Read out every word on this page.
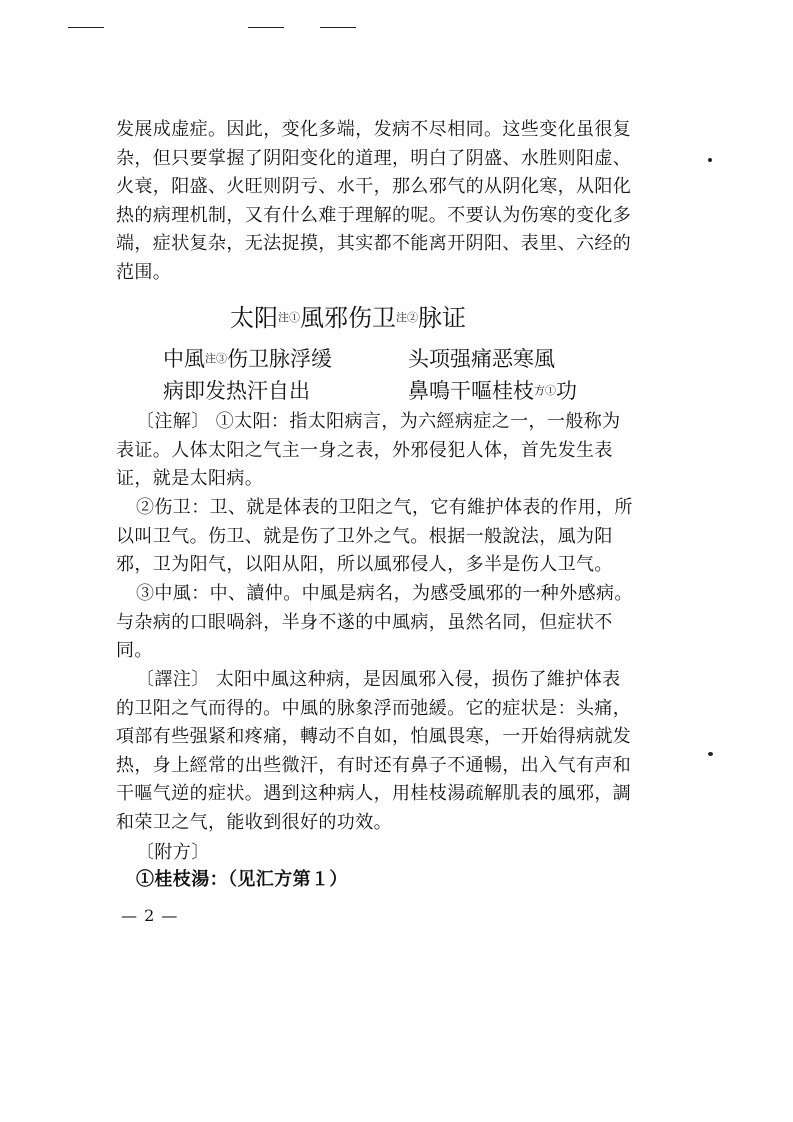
发展成虚症。因此，变化多端，发病不尽相同。这些变化虽很复杂，但只要掌握了阴阳变化的道理，明白了阴盛、水胜则阳虚、火衰，阳盛、火旺则阴亏、水干，那么邪气的从阴化寒，从阳化热的病理机制，又有什么难于理解的呢。不要认为伤寒的变化多端，症状复杂，无法捉摸，其实都不能离开阴阳、表里、六经的范围。
太阳$^{注①}$風邪伤卫$^{注②}$脉证
中風$^{注③}$伤卫脉浮缓	头项强痛恶寒風
病即发热汗自出	鼻鳴干嘔桂枝$^{方①}$功
〔注解〕 ①太阳：指太阳病言，为六經病症之一，一般称为表证。人体太阳之气主一身之表，外邪侵犯人体，首先发生表证，就是太阳病。
②伤卫：卫、就是体表的卫阳之气，它有維护体表的作用，所以叫卫气。伤卫、就是伤了卫外之气。根据一般說法，風为阳邪，卫为阳气，以阳从阳，所以風邪侵人，多半是伤人卫气。
③中風：中、讀仲。中風是病名，为感受風邪的一种外感病。与杂病的口眼喎斜，半身不遂的中風病，虽然名同，但症状不同。
〔譯注〕 太阳中風这种病，是因風邪入侵，损伤了維护体表的卫阳之气而得的。中風的脉象浮而弛緩。它的症状是：头痛，項部有些强紧和疼痛，轉动不自如，怕風畏寒，一开始得病就发热，身上經常的出些微汗，有时还有鼻子不通暢，出入气有声和干嘔气逆的症状。遇到这种病人，用桂枝湯疏解肌表的風邪，調和荣卫之气，能收到很好的功效。
〔附方〕
①桂枝湯：（见汇方第１）
— 2 —
